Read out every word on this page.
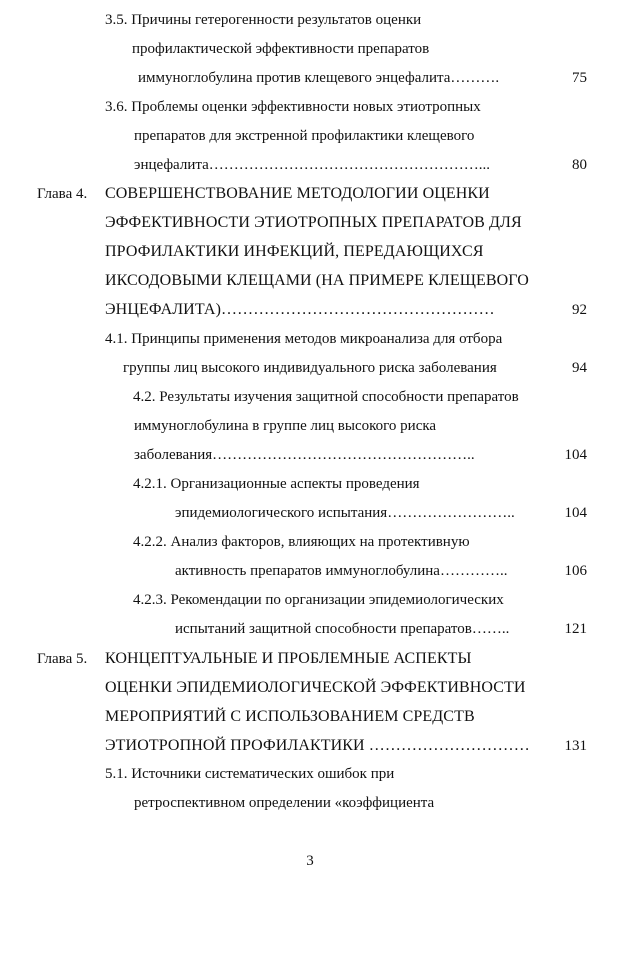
3.5. Причины гетерогенности результатов оценки
профилактической эффективности препаратов
иммуноглобулина против клещевого энцефалита……….	75
3.6. Проблемы оценки эффективности новых этиотропных
препаратов для экстренной профилактики клещевого
энцефалита………………………………………………...	80
Глава 4. СОВЕРШЕНСТВОВАНИЕ МЕТОДОЛОГИИ ОЦЕНКИ
ЭФФЕКТИВНОСТИ ЭТИОТРОПНЫХ ПРЕПАРАТОВ ДЛЯ
ПРОФИЛАКТИКИ ИНФЕКЦИЙ, ПЕРЕДАЮЩИХСЯ
ИКСОДОВЫМИ КЛЕЩАМИ (НА ПРИМЕРЕ КЛЕЩЕВОГО
ЭНЦЕФАЛИТА)……………………………………………	92
4.1. Принципы применения методов микроанализа для отбора
группы лиц высокого индивидуального риска заболевания	94
4.2. Результаты изучения защитной способности препаратов
иммуноглобулина в группе лиц высокого риска
заболевания……………………………………………..	104
4.2.1. Организационные аспекты проведения
эпидемиологического испытания……………………..	104
4.2.2. Анализ факторов, влияющих на протективную
активность препаратов иммуноглобулина…………..	106
4.2.3. Рекомендации по организации эпидемиологических
испытаний защитной способности препаратов……..	121
Глава 5. КОНЦЕПТУАЛЬНЫЕ И ПРОБЛЕМНЫЕ АСПЕКТЫ
ОЦЕНКИ ЭПИДЕМИОЛОГИЧЕСКОЙ ЭФФЕКТИВНОСТИ
МЕРОПРИЯТИЙ С ИСПОЛЬЗОВАНИЕМ СРЕДСТВ
ЭТИОТРОПНОЙ ПРОФИЛАКТИКИ …………………………	131
5.1. Источники систематических ошибок при
ретроспективном определении «коэффициента
3
